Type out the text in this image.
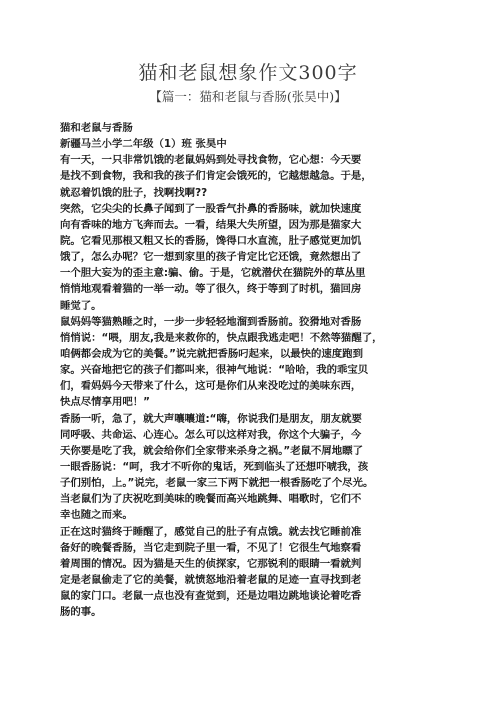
猫和老鼠想象作文300字
【篇一：猫和老鼠与香肠(张昊中)】
猫和老鼠与香肠
新疆马兰小学二年级（1）班 张昊中
有一天，一只非常饥饿的老鼠妈妈到处寻找食物，它心想：今天要
是找不到食物，我和我的孩子们肯定会饿死的，它越想越急。于是，
就忍着饥饿的肚子，找啊找啊??
突然，它尖尖的长鼻子闻到了一股香气扑鼻的香肠味，就加快速度
向有香味的地方飞奔而去。一看，结果大失所望，因为那是猫家大
院。它看见那根又粗又长的香肠，馋得口水直流，肚子感觉更加饥
饿了，怎么办呢？它一想到家里的孩子肯定比它还饿，竟然想出了
一个胆大妄为的歪主意:骗、偷。于是，它就潜伏在猫院外的草丛里
悄悄地观看着猫的一举一动。等了很久，终于等到了时机，猫回房
睡觉了。
鼠妈妈等猫熟睡之时，一步一步轻轻地溜到香肠前。狡猾地对香肠
悄悄说：“喂，朋友,我是来救你的，快点跟我逃走吧！不然等猫醒了，
咱俩都会成为它的美餐。”说完就把香肠叼起来，以最快的速度跑到
家。兴奋地把它的孩子们都叫来，很神气地说：“哈哈，我的乖宝贝
们，看妈妈今天带来了什么，这可是你们从来没吃过的美味东西，
快点尽情享用吧！”
香肠一听，急了，就大声嚷嚷道:“嗨，你说我们是朋友，朋友就要
同呼吸、共命运、心连心。怎么可以这样对我，你这个大骗子，今
天你要是吃了我，就会给你们全家带来杀身之祸。”老鼠不屑地瞟了
一眼香肠说：“呵，我才不听你的鬼话，死到临头了还想吓唬我，孩
子们别怕，上。”说完，老鼠一家三下两下就把一根香肠吃了个尽光。
当老鼠们为了庆祝吃到美味的晚餐而高兴地跳舞、唱歌时，它们不
幸也随之而来。
正在这时猫终于睡醒了，感觉自己的肚子有点饿。就去找它睡前准
备好的晚餐香肠，当它走到院子里一看，不见了！它很生气地察看
着周围的情况。因为猫是天生的侦探家，它那锐利的眼睛一看就判
定是老鼠偷走了它的美餐，就愤怒地沿着老鼠的足迹一直寻找到老
鼠的家门口。老鼠一点也没有查觉到，还是边唱边跳地谈论着吃香
肠的事。
